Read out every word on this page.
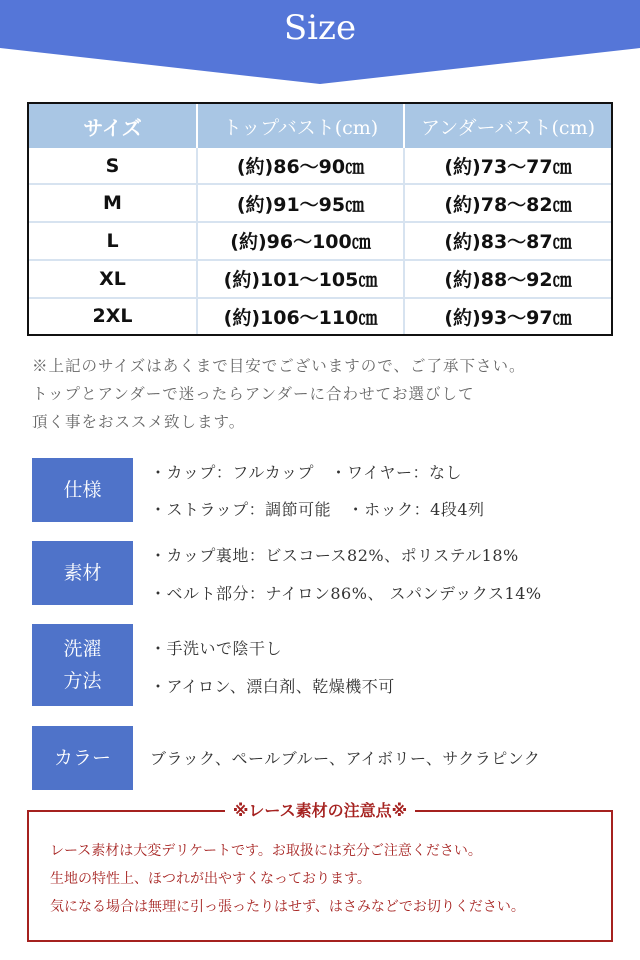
Size
サイズ	トップバスト(cm)	アンダーバスト(cm)
S	(約)86〜90㎝	(約)73〜77㎝
M	(約)91〜95㎝	(約)78〜82㎝
L	(約)96〜100㎝	(約)83〜87㎝
XL	(約)101〜105㎝	(約)88〜92㎝
2XL	(約)106〜110㎝	(約)93〜97㎝
※上記のサイズはあくまで目安でございますので、ご了承下さい。
トップとアンダーで迷ったらアンダーに合わせてお選びして
頂く事をおススメ致します。
仕様
・カップ：フルカップ　・ワイヤー：なし
・ストラップ：調節可能　・ホック：4段4列
素材
・カップ裏地：ビスコース82%、ポリステル18%
・ベルト部分：ナイロン86%、 スパンデックス14%
洗濯
方法
・手洗いで陰干し
・アイロン、漂白剤、乾燥機不可
カラー	ブラック、ペールブルー、アイボリー、サクラピンク
※レース素材の注意点※
レース素材は大変デリケートです。お取扱には充分ご注意ください。
生地の特性上、ほつれが出やすくなっております。
気になる場合は無理に引っ張ったりはせず、はさみなどでお切りください。
